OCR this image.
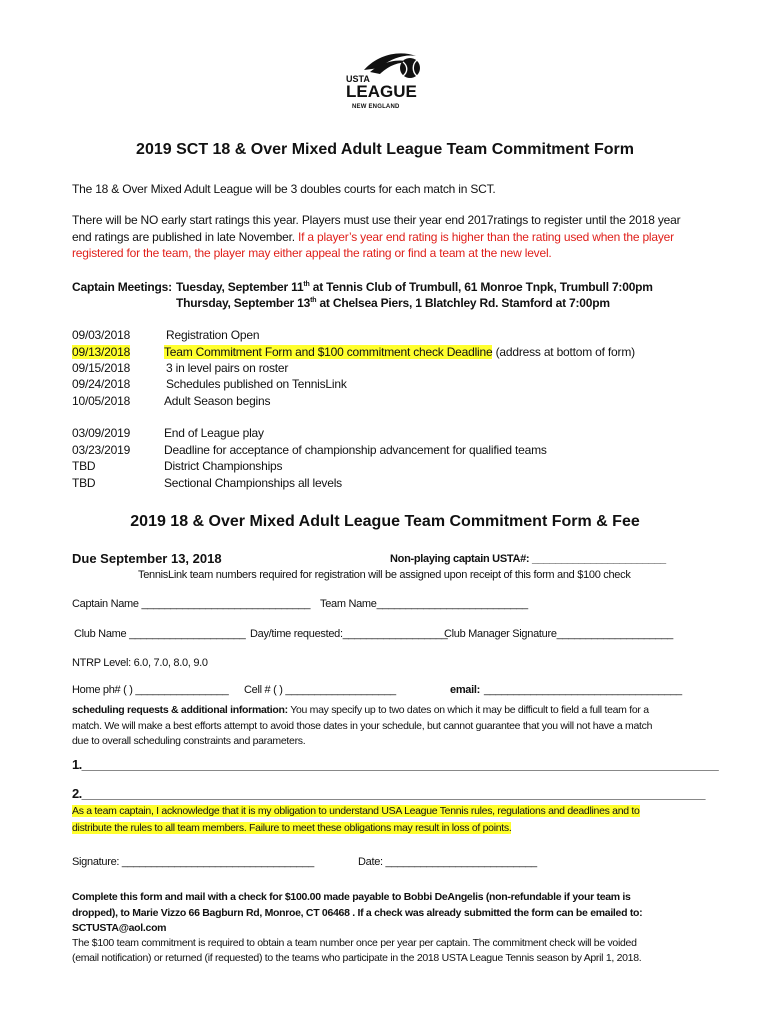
USTA
LEAGUE
NEW ENGLAND
2019 SCT 18 & Over Mixed Adult League Team Commitment Form
The 18 & Over Mixed Adult League will be 3 doubles courts for each match in SCT.
There will be NO early start ratings this year. Players must use their year end 2017ratings to register until the 2018 year
end ratings are published in late November. If a player’s year end rating is higher than the rating used when the player
registered for the team, the player may either appeal the rating or find a team at the new level.
Captain Meetings: Tuesday, September 11th at Tennis Club of Trumbull, 61 Monroe Tnpk, Trumbull 7:00pm
Thursday, September 13th at Chelsea Piers, 1 Blatchley Rd. Stamford at 7:00pm
09/03/2018	Registration Open
09/13/2018	Team Commitment Form and $100 commitment check Deadline (address at bottom of form)
09/15/2018	3 in level pairs on roster
09/24/2018	Schedules published on TennisLink
10/05/2018	Adult Season begins
03/09/2019	End of League play
03/23/2019	Deadline for acceptance of championship advancement for qualified teams
TBD	District Championships
TBD	Sectional Championships all levels
2019 18 & Over Mixed Adult League Team Commitment Form & Fee
Due September 13, 2018	Non-playing captain USTA#: _______________________
TennisLink team numbers required for registration will be assigned upon receipt of this form and $100 check
Captain Name _____________________________ Team Name__________________________
Club Name ____________________ Day/time requested:__________________
Club Manager Signature____________________
NTRP Level: 6.0, 7.0, 8.0, 9.0
Home ph# ( ) ________________ Cell # ( ) ___________________	email: __________________________________
scheduling requests & additional information: You may specify up to two dates on which it may be difficult to field a full team for a
match. We will make a best efforts attempt to avoid those dates in your schedule, but cannot guarantee that you will not have a match
due to overall scheduling constraints and parameters.
1.________________________________________________________________________________________________
2.______________________________________________________________________________________________
As a team captain, I acknowledge that it is my obligation to understand USA League Tennis rules, regulations and deadlines and to
distribute the rules to all team members. Failure to meet these obligations may result in loss of points.
Signature: _________________________________	Date: __________________________
Complete this form and mail with a check for $100.00 made payable to Bobbi DeAngelis (non-refundable if your team is
dropped), to Marie Vizzo 66 Bagburn Rd, Monroe, CT 06468 . If a check was already submitted the form can be emailed to:
SCTUSTA@aol.com
The $100 team commitment is required to obtain a team number once per year per captain. The commitment check will be voided
(email notification) or returned (if requested) to the teams who participate in the 2018 USTA League Tennis season by April 1, 2018.
